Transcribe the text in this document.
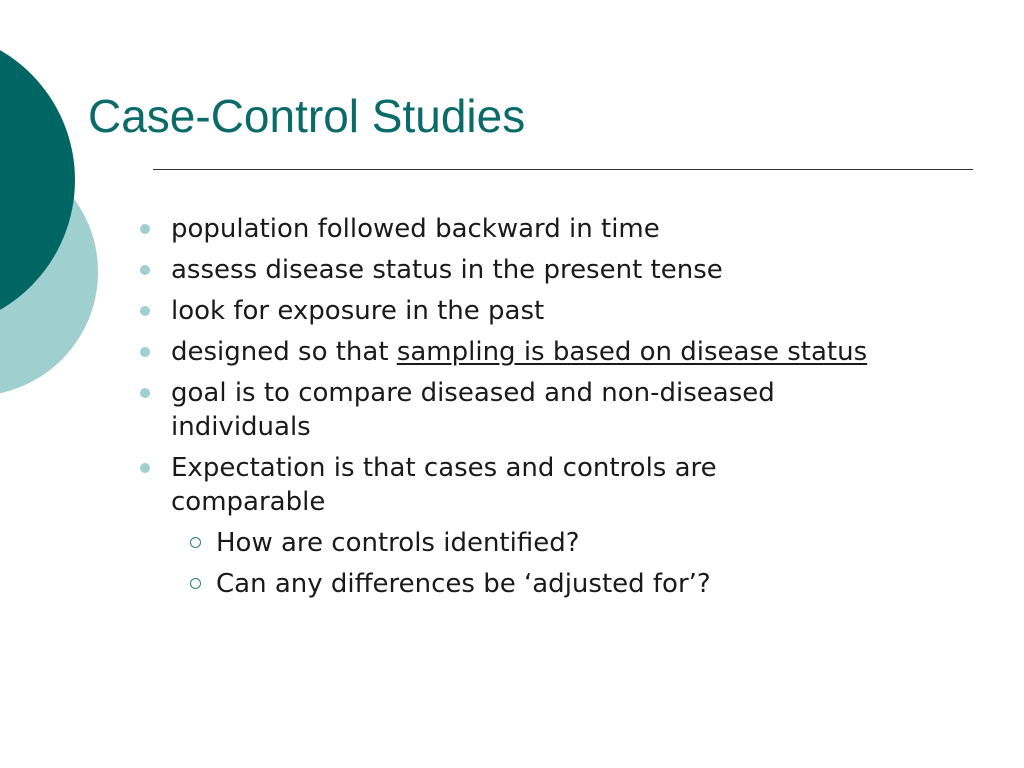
Case-Control Studies
population followed backward in time
assess disease status in the present tense
look for exposure in the past
designed so that sampling is based on disease status
goal is to compare diseased and non-diseased individuals
Expectation is that cases and controls are comparable
How are controls identified?
Can any differences be ‘adjusted for’?
